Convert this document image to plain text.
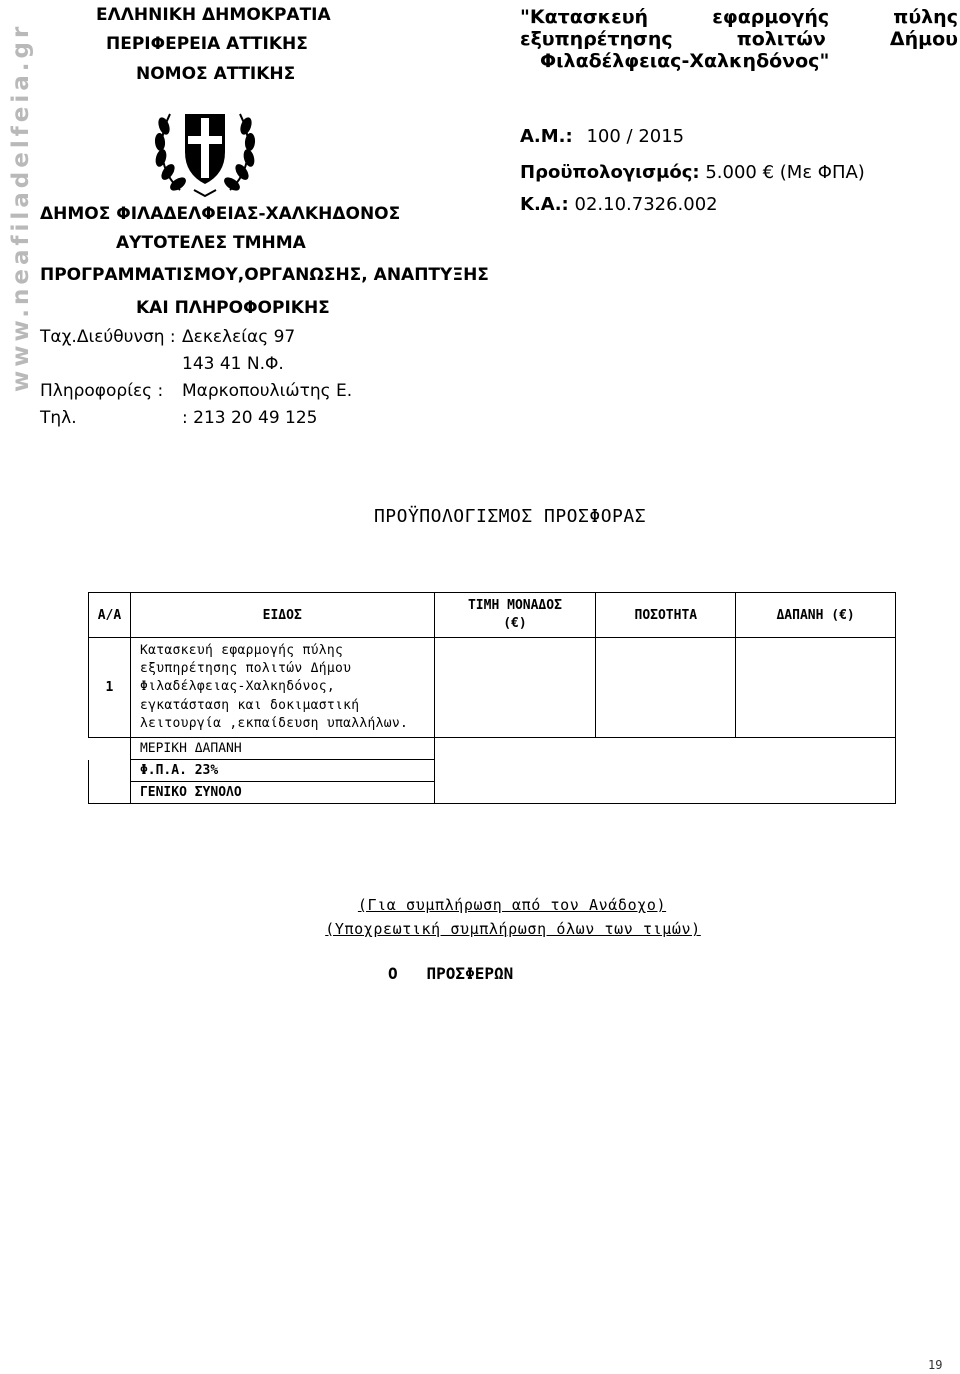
www.neafiladelfeia.gr
ΕΛΛΗΝΙΚΗ ΔΗΜΟΚΡΑΤΙΑ
ΠΕΡΙΦΕΡΕΙΑ ΑΤΤΙΚΗΣ
ΝΟΜΟΣ ΑΤΤΙΚΗΣ
ΔΗΜΟΣ ΦΙΛΑΔΕΛΦΕΙΑΣ-ΧΑΛΚΗΔΟΝΟΣ
ΑΥΤΟΤΕΛΕΣ ΤΜΗΜΑ
ΠΡΟΓΡΑΜΜΑΤΙΣΜΟΥ,ΟΡΓΑΝΩΣΗΣ, ΑΝΑΠΤΥΞΗΣ
ΚΑΙ ΠΛΗΡΟΦΟΡΙΚΗΣ
Ταχ.Διεύθυνση : Δεκελείας 97
143 41 Ν.Φ.
Πληροφορίες : Μαρκοπουλιώτης Ε.
Τηλ.	: 213 20 49 125
"Κατασκευή	εφαρμογής	πύλης
εξυπηρέτησης	πολιτών	Δήμου
Φιλαδέλφειας-Χαλκηδόνος"
Α.Μ.: 100 / 2015
Προϋπολογισμός: 5.000 € (Με ΦΠΑ)
Κ.Α.: 02.10.7326.002
ΠΡΟΫΠΟΛΟΓΙΣΜΟΣ ΠΡΟΣΦΟΡΑΣ
Α/Α	ΕΙΔΟΣ	ΤΙΜΗ ΜΟΝΑΔΟΣ (€)	ΠΟΣΟΤΗΤΑ	ΔΑΠΑΝΗ (€)
1	Κατασκευή εφαρμογής πύλης εξυπηρέτησης πολιτών Δήμου Φιλαδέλφειας-Χαλκηδόνος, εγκατάσταση και δοκιμαστική λειτουργία ,εκπαίδευση υπαλλήλων.			
	ΜΕΡΙΚΗ ΔΑΠΑΝΗ			
	Φ.Π.Α. 23%			
	ΓΕΝΙΚΟ ΣΥΝΟΛΟ			
(Για συμπλήρωση από τον Ανάδοχο)
(Υποχρεωτική συμπλήρωση όλων των τιμών)
Ο   ΠΡΟΣΦΕΡΩΝ
19
